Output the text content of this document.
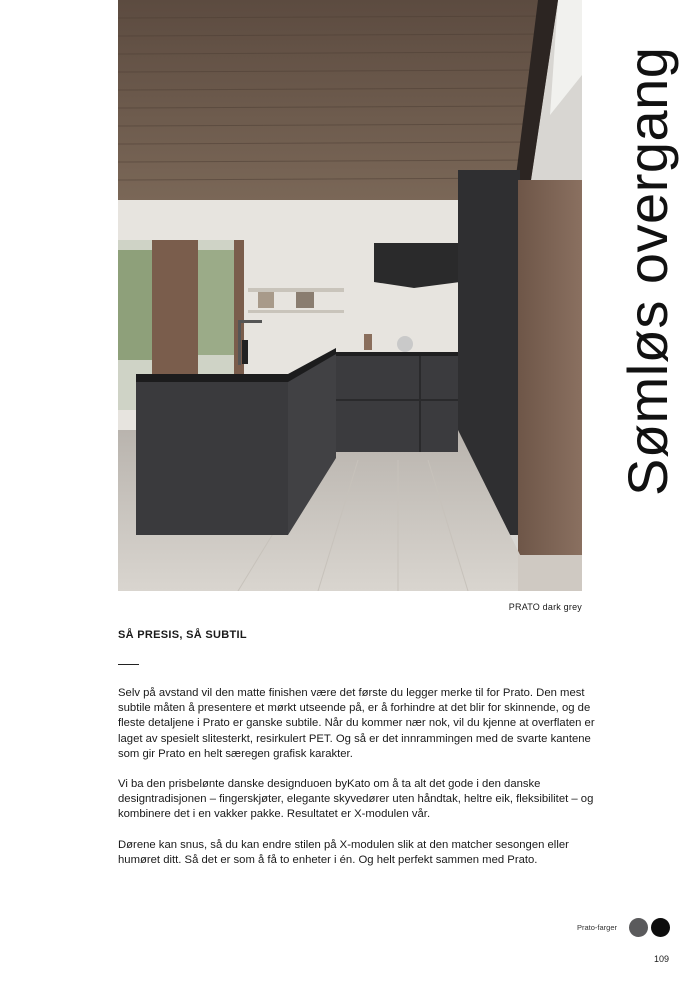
PRATO dark grey
Sømløs overgang
SÅ PRESIS, SÅ SUBTIL

Selv på avstand vil den matte finishen være det første du legger merke til for Prato. Den mest subtile måten å presentere et mørkt utseende på, er å forhindre at det blir for skinnende, og de fleste detaljene i Prato er ganske subtile. Når du kommer nær nok, vil du kjenne at overflaten er laget av spesielt slitesterkt, resirkulert PET. Og så er det innrammingen med de svarte kantene som gir Prato en helt særegen grafisk karakter.

Vi ba den prisbelønte danske designduoen byKato om å ta alt det gode i den danske designtradisjonen – fingerskjøter, elegante skyvedører uten håndtak, heltre eik, fleksibilitet – og kombinere det i en vakker pakke. Resultatet er X-modulen vår.

Dørene kan snus, så du kan endre stilen på X-modulen slik at den matcher sesongen eller humøret ditt. Så det er som å få to enheter i én. Og helt perfekt sammen med Prato.

Prato-farger
109
